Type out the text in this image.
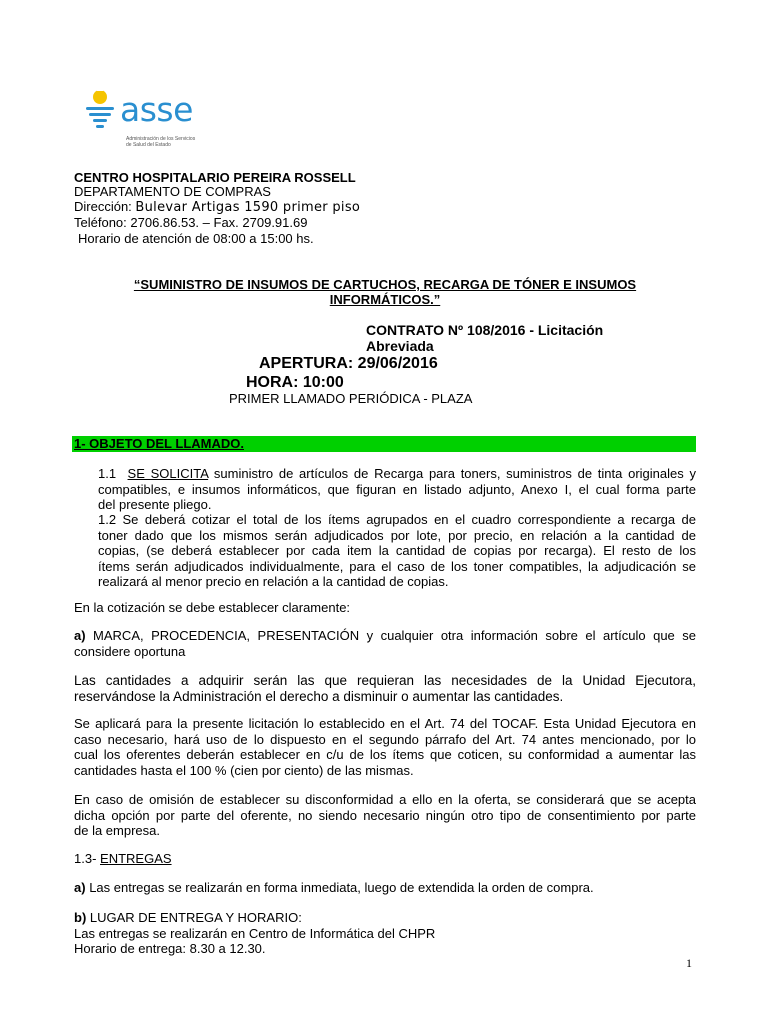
asse
Administración de los Servicios
de Salud del Estado
CENTRO HOSPITALARIO PEREIRA ROSSELL
DEPARTAMENTO DE COMPRAS
Dirección: Bulevar Artigas 1590 primer piso
Teléfono: 2706.86.53. – Fax. 2709.91.69
Horario de atención de 08:00 a 15:00 hs.
“SUMINISTRO DE INSUMOS DE CARTUCHOS, RECARGA DE TÓNER E INSUMOS
INFORMÁTICOS.”
CONTRATO Nº 108/2016 - Licitación
Abreviada
APERTURA: 29/06/2016
HORA: 10:00
PRIMER LLAMADO PERIÓDICA - PLAZA
1- OBJETO DEL LLAMADO.
1.1 SE SOLICITA suministro de artículos de Recarga para toners, suministros de tinta originales y
compatibles, e insumos informáticos, que figuran en listado adjunto, Anexo I, el cual forma parte
del presente pliego.
1.2 Se deberá cotizar el total de los ítems agrupados en el cuadro correspondiente a recarga de
toner dado que los mismos serán adjudicados por lote, por precio, en relación a la cantidad de
copias, (se deberá establecer por cada item la cantidad de copias por recarga). El resto de los
ítems serán adjudicados individualmente, para el caso de los toner compatibles, la adjudicación se
realizará al menor precio en relación a la cantidad de copias.
En la cotización se debe establecer claramente:
a) MARCA, PROCEDENCIA, PRESENTACIÓN y cualquier otra información sobre el artículo que se
considere oportuna
Las cantidades a adquirir serán las que requieran las necesidades de la Unidad Ejecutora,
reservándose la Administración el derecho a disminuir o aumentar las cantidades.
Se aplicará para la presente licitación lo establecido en el Art. 74 del TOCAF. Esta Unidad Ejecutora en
caso necesario, hará uso de lo dispuesto en el segundo párrafo del Art. 74 antes mencionado, por lo
cual los oferentes deberán establecer en c/u de los ítems que coticen, su conformidad a aumentar las
cantidades hasta el 100 % (cien por ciento) de las mismas.
En caso de omisión de establecer su disconformidad a ello en la oferta, se considerará que se acepta
dicha opción por parte del oferente, no siendo necesario ningún otro tipo de consentimiento por parte
de la empresa.
1.3- ENTREGAS
a) Las entregas se realizarán en forma inmediata, luego de extendida la orden de compra.
b) LUGAR DE ENTREGA Y HORARIO:
Las entregas se realizarán en Centro de Informática del CHPR
Horario de entrega: 8.30 a 12.30.
1
